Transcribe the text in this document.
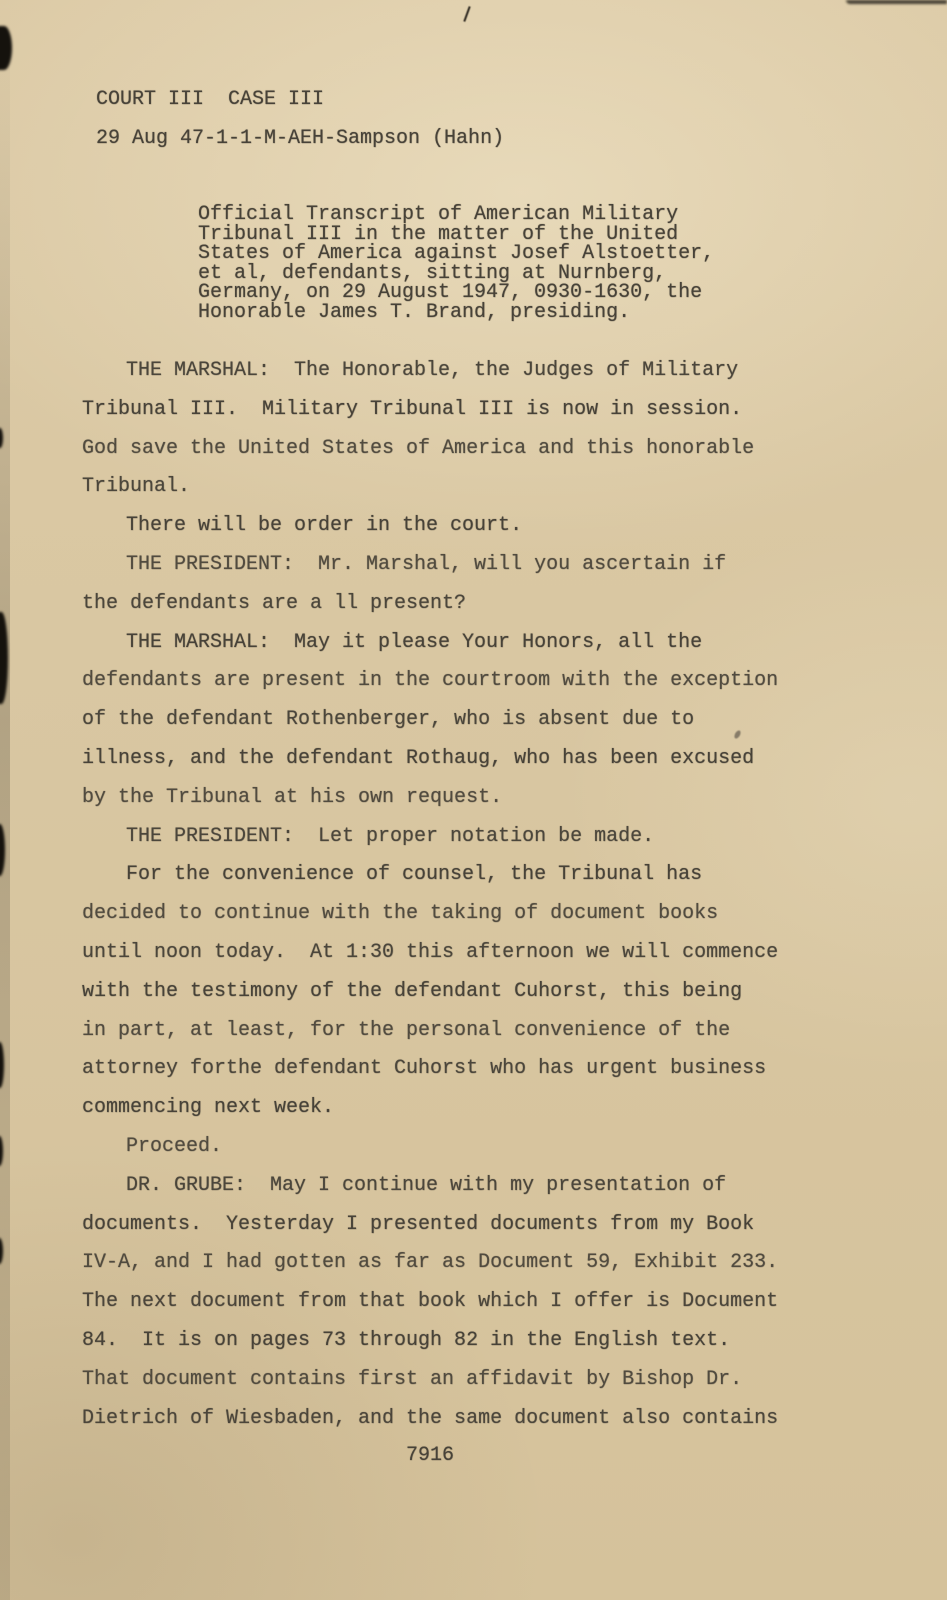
COURT III  CASE III
29 Aug 47-1-1-M-AEH-Sampson (Hahn)
Official Transcript of American Military
Tribunal III in the matter of the United
States of America against Josef Alstoetter,
et al, defendants, sitting at Nurnberg,
Germany, on 29 August 1947, 0930-1630, the
Honorable James T. Brand, presiding.
THE MARSHAL:  The Honorable, the Judges of Military
Tribunal III.  Military Tribunal III is now in session.
God save the United States of America and this honorable
Tribunal.
There will be order in the court.
THE PRESIDENT:  Mr. Marshal, will you ascertain if
the defendants are a ll present?
THE MARSHAL:  May it please Your Honors, all the
defendants are present in the courtroom with the exception
of the defendant Rothenberger, who is absent due to
illness, and the defendant Rothaug, who has been excused
by the Tribunal at his own request.
THE PRESIDENT:  Let proper notation be made.
For the convenience of counsel, the Tribunal has
decided to continue with the taking of document books
until noon today.  At 1:30 this afternoon we will commence
with the testimony of the defendant Cuhorst, this being
in part, at least, for the personal convenience of the
attorney forthe defendant Cuhorst who has urgent business
commencing next week.
Proceed.
DR. GRUBE:  May I continue with my presentation of
documents.  Yesterday I presented documents from my Book
IV-A, and I had gotten as far as Document 59, Exhibit 233.
The next document from that book which I offer is Document
84.  It is on pages 73 through 82 in the English text.
That document contains first an affidavit by Bishop Dr.
Dietrich of Wiesbaden, and the same document also contains
7916
